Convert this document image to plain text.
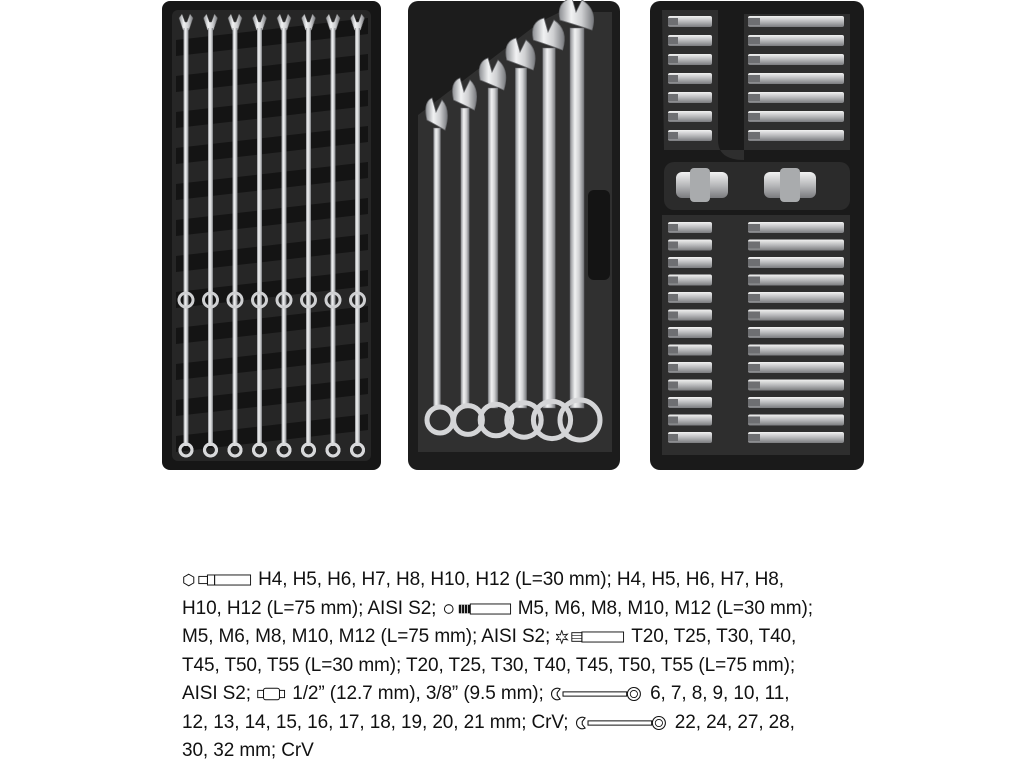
H4, H5, H6, H7, H8, H10, H12 (L=30 mm); H4, H5, H6, H7, H8,
H10, H12 (L=75 mm); AISI S2;	M5, M6, M8, M10, M12 (L=30 mm);
M5, M6, M8, M10, M12 (L=75 mm); AISI S2;	T20, T25, T30, T40,
T45, T50, T55 (L=30 mm); T20, T25, T30, T40, T45, T50, T55 (L=75 mm);
AISI S2;  1/2” (12.7 mm), 3/8” (9.5 mm);	6, 7, 8, 9, 10, 11,
12, 13, 14, 15, 16, 17, 18, 19, 20, 21 mm; CrV;	22, 24, 27, 28,
30, 32 mm; CrV
